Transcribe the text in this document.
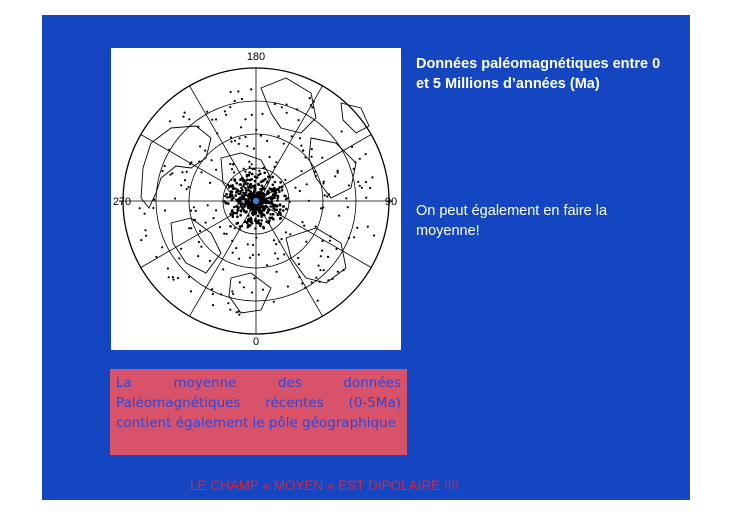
180
90
0
270
Données paléomagnétiques entre 0 et 5 Millions d’années (Ma)
On peut également en faire la moyenne!
La moyenne des données Paléomagnétiques récentes (0-5Ma) contient également le pôle géographique
LE CHAMP « MOYEN » EST DIPOLAIRE !!!!
